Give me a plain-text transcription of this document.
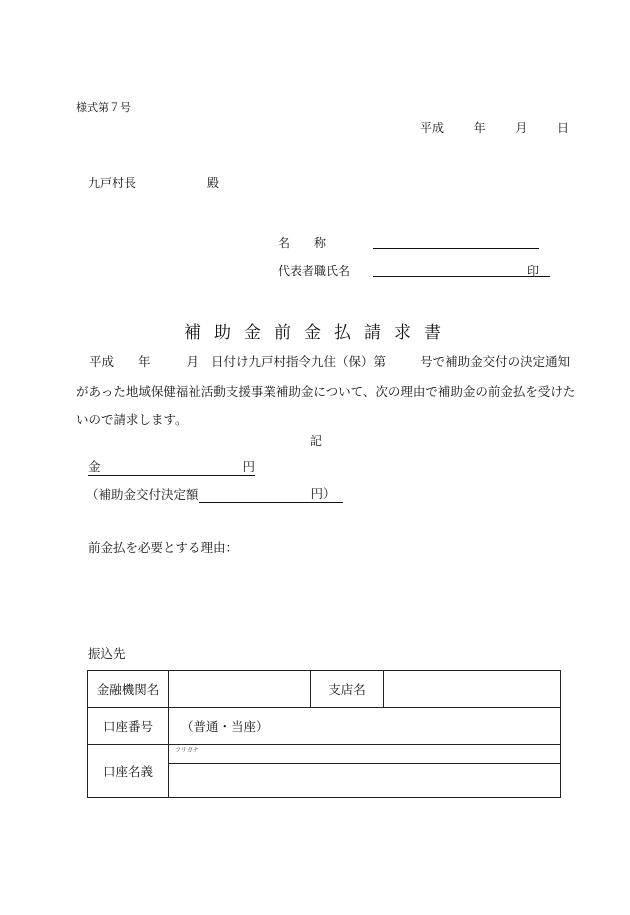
様式第７号
平成 年 月 日
九戸村長	殿
名　　称
代表者職氏名	印
補助金前金払請求書
平成 年	月 日付け九戸村指令九住（保）第	号で補助金交付の決定通知
があった地域保健福祉活動支援事業補助金について、次の理由で補助金の前金払を受けた
いので請求します。
記
金	円
（補助金交付決定額	円）
前金払を必要とする理由：
振込先
金融機関名		支店名	
口座番号	（普通・当座）		
口座名義	フリガナ		
